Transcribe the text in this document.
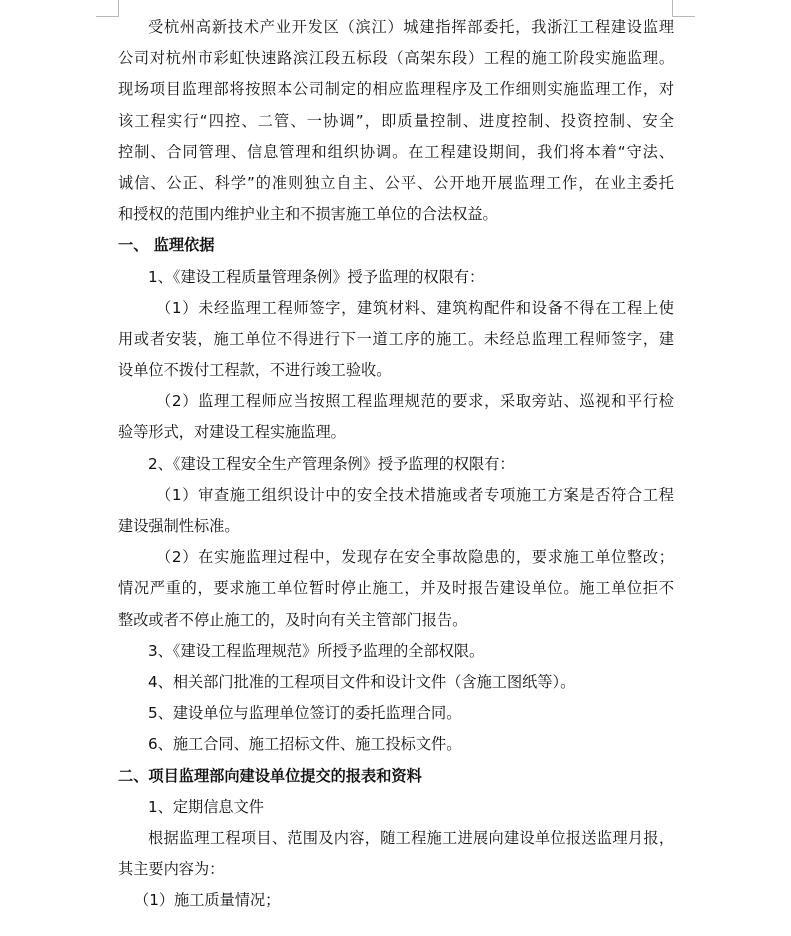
受杭州高新技术产业开发区（滨江）城建指挥部委托，我浙江工程建设监理
公司对杭州市彩虹快速路滨江段五标段（高架东段）工程的施工阶段实施监理。
现场项目监理部将按照本公司制定的相应监理程序及工作细则实施监理工作，对
该工程实行“四控、二管、一协调”，即质量控制、进度控制、投资控制、安全
控制、合同管理、信息管理和组织协调。在工程建设期间，我们将本着“守法、
诚信、公正、科学”的准则独立自主、公平、公开地开展监理工作，在业主委托
和授权的范围内维护业主和不损害施工单位的合法权益。
一、 监理依据
1、《建设工程质量管理条例》授予监理的权限有：
（1）未经监理工程师签字，建筑材料、建筑构配件和设备不得在工程上使
用或者安装，施工单位不得进行下一道工序的施工。未经总监理工程师签字，建
设单位不拨付工程款，不进行竣工验收。
（2）监理工程师应当按照工程监理规范的要求，采取旁站、巡视和平行检
验等形式，对建设工程实施监理。
2、《建设工程安全生产管理条例》授予监理的权限有：
（1）审查施工组织设计中的安全技术措施或者专项施工方案是否符合工程
建设强制性标准。
（2）在实施监理过程中，发现存在安全事故隐患的，要求施工单位整改；
情况严重的，要求施工单位暂时停止施工，并及时报告建设单位。施工单位拒不
整改或者不停止施工的，及时向有关主管部门报告。
3、《建设工程监理规范》所授予监理的全部权限。
4、相关部门批准的工程项目文件和设计文件（含施工图纸等）。
5、建设单位与监理单位签订的委托监理合同。
6、施工合同、施工招标文件、施工投标文件。
二、项目监理部向建设单位提交的报表和资料
1、定期信息文件
根据监理工程项目、范围及内容，随工程施工进展向建设单位报送监理月报，
其主要内容为：
（1）施工质量情况；
